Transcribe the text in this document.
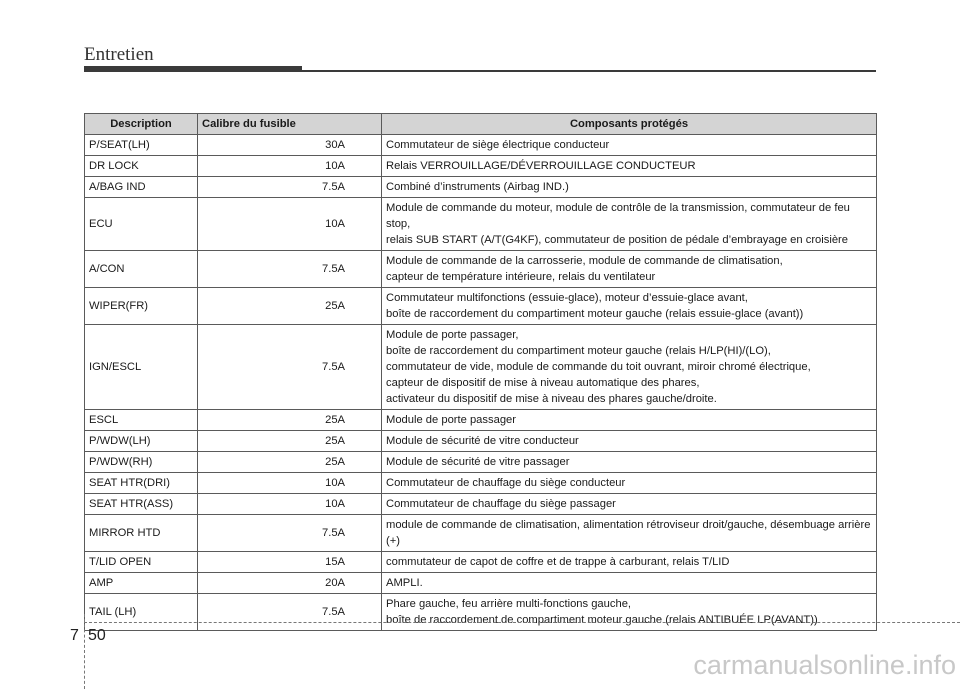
Entretien
Description	Calibre du fusible	Composants protégés
P/SEAT(LH)	30A	Commutateur de siège électrique conducteur

DR LOCK	10A	Relais VERROUILLAGE/DÉVERROUILLAGE CONDUCTEUR

A/BAG IND	7.5A	Combiné d’instruments (Airbag IND.)

ECU	10A	Module de commande du moteur, module de contrôle de la transmission, commutateur de feu stop,
relais SUB START (A/T(G4KF), commutateur de position de pédale d’embrayage en croisière

A/CON	7.5A	Module de commande de la carrosserie, module de commande de climatisation,
capteur de température intérieure, relais du ventilateur

WIPER(FR)	25A	Commutateur multifonctions (essuie-glace), moteur d’essuie-glace avant,
boîte de raccordement du compartiment moteur gauche (relais essuie-glace (avant))

IGN/ESCL	7.5A	Module de porte passager,
boîte de raccordement du compartiment moteur gauche (relais H/LP(HI)/(LO),
commutateur de vide, module de commande du toit ouvrant, miroir chromé électrique,
capteur de dispositif de mise à niveau automatique des phares,
activateur du dispositif de mise à niveau des phares gauche/droite.

ESCL	25A	Module de porte passager

P/WDW(LH)	25A	Module de sécurité de vitre conducteur

P/WDW(RH)	25A	Module de sécurité de vitre passager

SEAT HTR(DRI)	10A	Commutateur de chauffage du siège conducteur

SEAT HTR(ASS)	10A	Commutateur de chauffage du siège passager

MIRROR HTD	7.5A	module de commande de climatisation, alimentation rétroviseur droit/gauche, désembuage arrière (+)

T/LID OPEN	15A	commutateur de capot de coffre et de trappe à carburant, relais T/LID

AMP	20A	AMPLI.

TAIL (LH)	7.5A	Phare gauche, feu arrière multi-fonctions gauche,
boîte de raccordement de compartiment moteur gauche (relais ANTIBUÉE LP(AVANT))
7 50
carmanualsonline.info
